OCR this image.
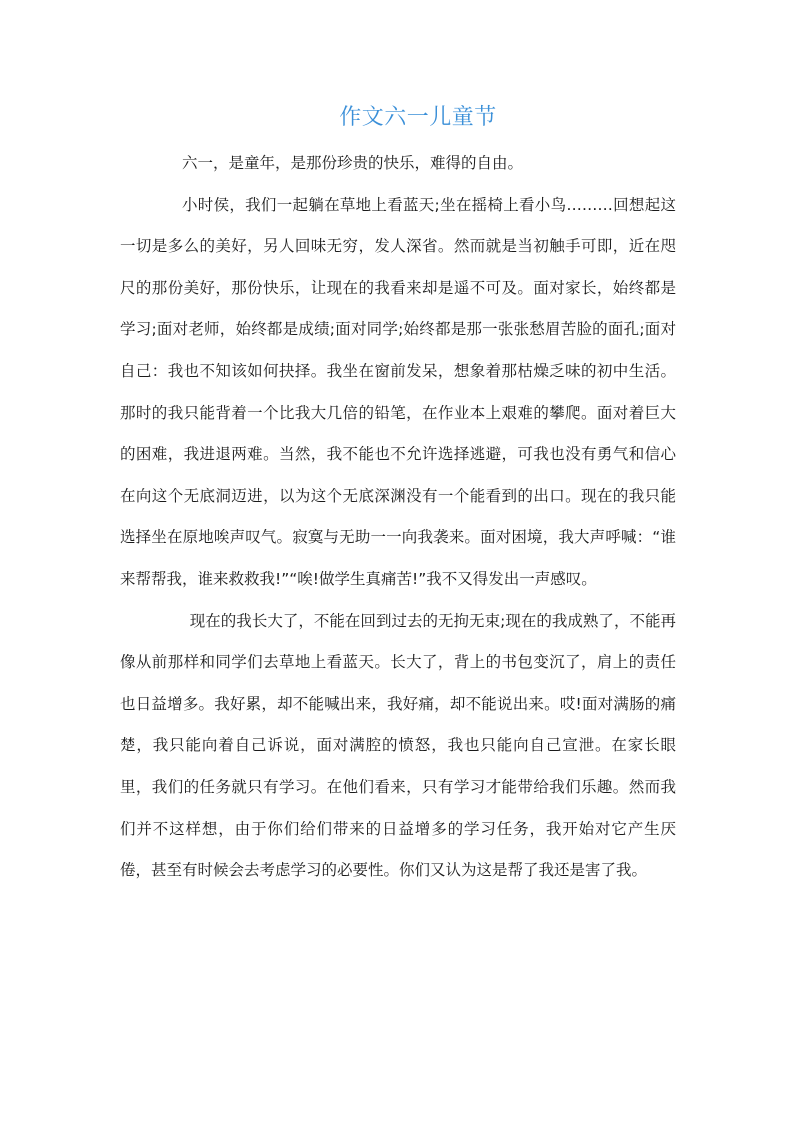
作文六一儿童节

六一，是童年，是那份珍贵的快乐，难得的自由。

小时侯，我们一起躺在草地上看蓝天;坐在摇椅上看小鸟………回想起这一切是多么的美好，另人回味无穷，发人深省。然而就是当初触手可即，近在咫尺的那份美好，那份快乐，让现在的我看来却是遥不可及。面对家长，始终都是学习;面对老师，始终都是成绩;面对同学;始终都是那一张张愁眉苦脸的面孔;面对自己：我也不知该如何抉择。我坐在窗前发呆，想象着那枯燥乏味的初中生活。那时的我只能背着一个比我大几倍的铅笔，在作业本上艰难的攀爬。面对着巨大的困难，我进退两难。当然，我不能也不允许选择逃避，可我也没有勇气和信心在向这个无底洞迈进，以为这个无底深渊没有一个能看到的出口。现在的我只能选择坐在原地唉声叹气。寂寞与无助一一向我袭来。面对困境，我大声呼喊：“谁来帮帮我，谁来救救我!”“唉!做学生真痛苦!”我不又得发出一声感叹。

现在的我长大了，不能在回到过去的无拘无束;现在的我成熟了，不能再像从前那样和同学们去草地上看蓝天。长大了，背上的书包变沉了，肩上的责任也日益增多。我好累，却不能喊出来，我好痛，却不能说出来。哎!面对满肠的痛楚，我只能向着自己诉说，面对满腔的愤怒，我也只能向自己宣泄。在家长眼里，我们的任务就只有学习。在他们看来，只有学习才能带给我们乐趣。然而我们并不这样想，由于你们给们带来的日益增多的学习任务，我开始对它产生厌倦，甚至有时候会去考虑学习的必要性。你们又认为这是帮了我还是害了我。
